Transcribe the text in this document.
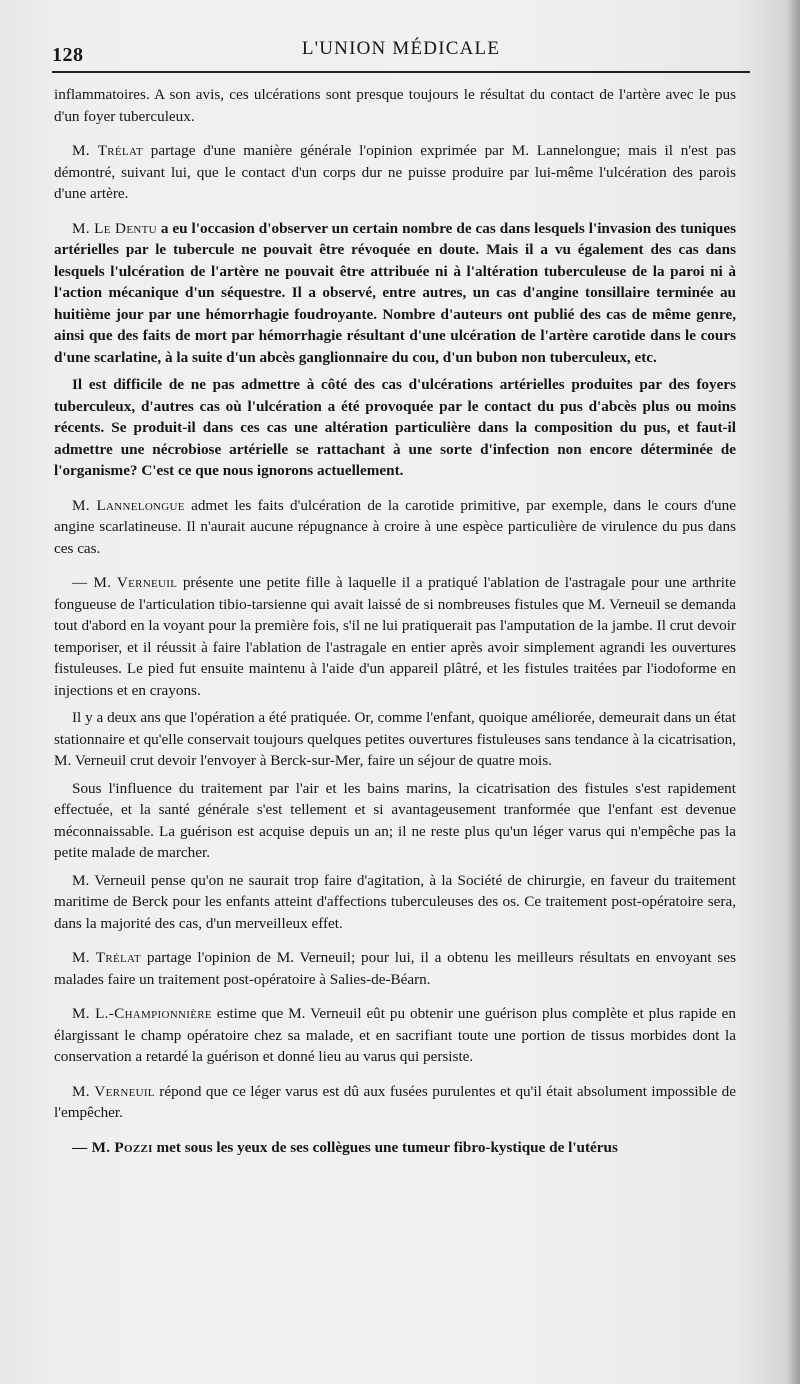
128	L'UNION MÉDICALE

inflammatoires. A son avis, ces ulcérations sont presque toujours le résultat du contact de l'artère avec le pus d'un foyer tuberculeux.

M. Trélat partage d'une manière générale l'opinion exprimée par M. Lannelongue; mais il n'est pas démontré, suivant lui, que le contact d'un corps dur ne puisse produire par lui-même l'ulcération des parois d'une artère.

M. Le Dentu a eu l'occasion d'observer un certain nombre de cas dans lesquels l'invasion des tuniques artérielles par le tubercule ne pouvait être révoquée en doute. Mais il a vu également des cas dans lesquels l'ulcération de l'artère ne pouvait être attribuée ni à l'altération tuberculeuse de la paroi ni à l'action mécanique d'un séquestre. Il a observé, entre autres, un cas d'angine tonsillaire terminée au huitième jour par une hémorrhagie foudroyante. Nombre d'auteurs ont publié des cas de même genre, ainsi que des faits de mort par hémorrhagie résultant d'une ulcération de l'artère carotide dans le cours d'une scarlatine, à la suite d'un abcès ganglionnaire du cou, d'un bubon non tuberculeux, etc.

Il est difficile de ne pas admettre à côté des cas d'ulcérations artérielles produites par des foyers tuberculeux, d'autres cas où l'ulcération a été provoquée par le contact du pus d'abcès plus ou moins récents. Se produit-il dans ces cas une altération particulière dans la composition du pus, et faut-il admettre une nécrobiose artérielle se rattachant à une sorte d'infection non encore déterminée de l'organisme? C'est ce que nous ignorons actuellement.

M. Lannelongue admet les faits d'ulcération de la carotide primitive, par exemple, dans le cours d'une angine scarlatineuse. Il n'aurait aucune répugnance à croire à une espèce particulière de virulence du pus dans ces cas.

— M. Verneuil présente une petite fille à laquelle il a pratiqué l'ablation de l'astragale pour une arthrite fongueuse de l'articulation tibio-tarsienne qui avait laissé de si nombreuses fistules que M. Verneuil se demanda tout d'abord en la voyant pour la première fois, s'il ne lui pratiquerait pas l'amputation de la jambe. Il crut devoir temporiser, et il réussit à faire l'ablation de l'astragale en entier après avoir simplement agrandi les ouvertures fistuleuses. Le pied fut ensuite maintenu à l'aide d'un appareil plâtré, et les fistules traitées par l'iodoforme en injections et en crayons.

Il y a deux ans que l'opération a été pratiquée. Or, comme l'enfant, quoique améliorée, demeurait dans un état stationnaire et qu'elle conservait toujours quelques petites ouvertures fistuleuses sans tendance à la cicatrisation, M. Verneuil crut devoir l'envoyer à Berck-sur-Mer, faire un séjour de quatre mois.

Sous l'influence du traitement par l'air et les bains marins, la cicatrisation des fistules s'est rapidement effectuée, et la santé générale s'est tellement et si avantageusement tranformée que l'enfant est devenue méconnaissable. La guérison est acquise depuis un an; il ne reste plus qu'un léger varus qui n'empêche pas la petite malade de marcher.

M. Verneuil pense qu'on ne saurait trop faire d'agitation, à la Société de chirurgie, en faveur du traitement maritime de Berck pour les enfants atteint d'affections tuberculeuses des os. Ce traitement post-opératoire sera, dans la majorité des cas, d'un merveilleux effet.

M. Trélat partage l'opinion de M. Verneuil; pour lui, il a obtenu les meilleurs résultats en envoyant ses malades faire un traitement post-opératoire à Salies-de-Béarn.

M. L.-Championnière estime que M. Verneuil eût pu obtenir une guérison plus complète et plus rapide en élargissant le champ opératoire chez sa malade, et en sacrifiant toute une portion de tissus morbides dont la conservation a retardé la guérison et donné lieu au varus qui persiste.

M. Verneuil répond que ce léger varus est dû aux fusées purulentes et qu'il était absolument impossible de l'empêcher.

— M. Pozzi met sous les yeux de ses collègues une tumeur fibro-kystique de l'utérus
